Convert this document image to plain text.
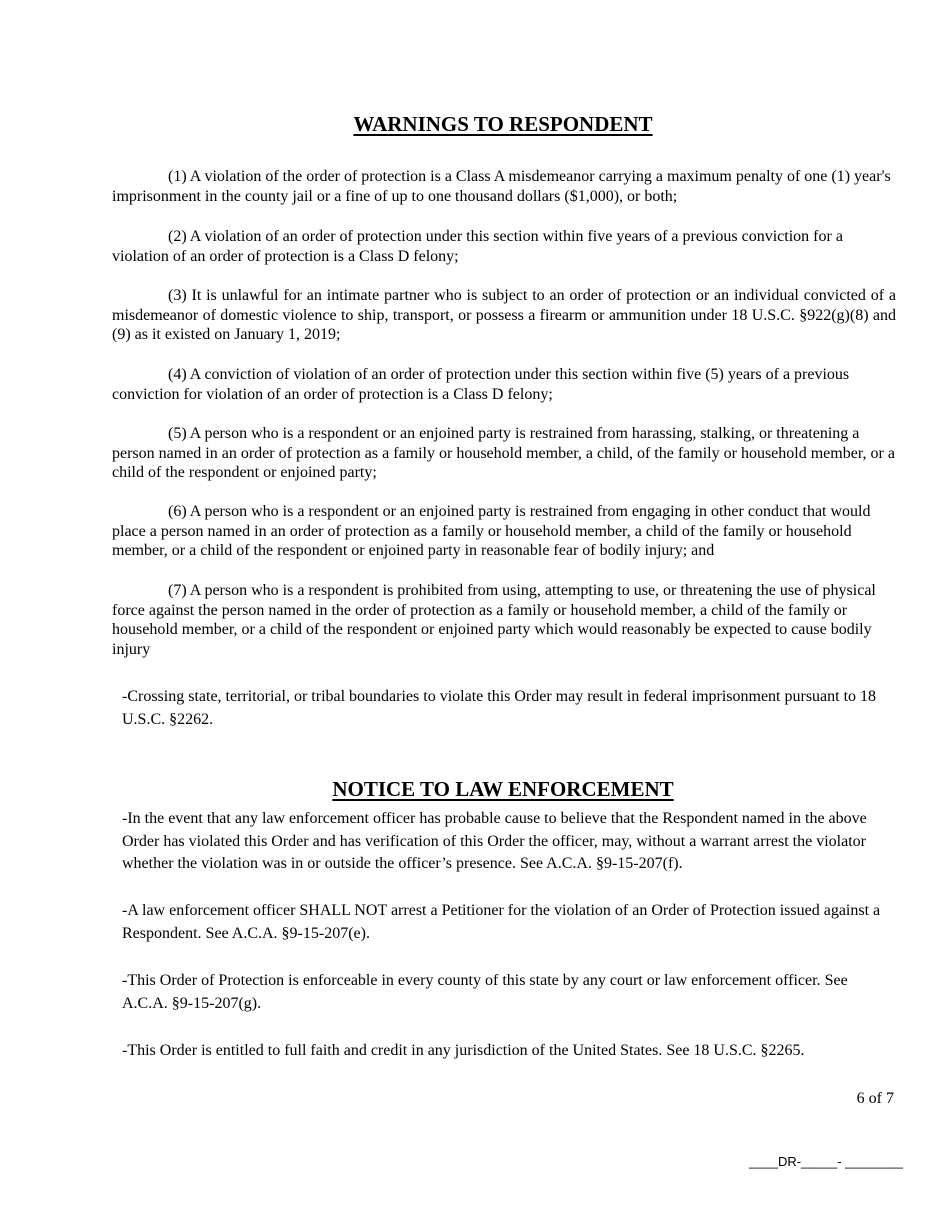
WARNINGS TO RESPONDENT

(1) A violation of the order of protection is a Class A misdemeanor carrying a maximum penalty of one (1) year's imprisonment in the county jail or a fine of up to one thousand dollars ($1,000), or both;

(2) A violation of an order of protection under this section within five years of a previous conviction for a violation of an order of protection is a Class D felony;

(3) It is unlawful for an intimate partner who is subject to an order of protection or an individual convicted of a misdemeanor of domestic violence to ship, transport, or possess a firearm or ammunition under 18 U.S.C. §922(g)(8) and (9) as it existed on January 1, 2019;

(4) A conviction of violation of an order of protection under this section within five (5) years of a previous conviction for violation of an order of protection is a Class D felony;

(5) A person who is a respondent or an enjoined party is restrained from harassing, stalking, or threatening a person named in an order of protection as a family or household member, a child, of the family or household member, or a child of the respondent or enjoined party;

(6) A person who is a respondent or an enjoined party is restrained from engaging in other conduct that would place a person named in an order of protection as a family or household member, a child of the family or household member, or a child of the respondent or enjoined party in reasonable fear of bodily injury; and

(7) A person who is a respondent is prohibited from using, attempting to use, or threatening the use of physical force against the person named in the order of protection as a family or household member, a child of the family or household member, or a child of the respondent or enjoined party which would reasonably be expected to cause bodily injury

-Crossing state, territorial, or tribal boundaries to violate this Order may result in federal imprisonment pursuant to 18 U.S.C. §2262.

NOTICE TO LAW ENFORCEMENT

-In the event that any law enforcement officer has probable cause to believe that the Respondent named in the above Order has violated this Order and has verification of this Order the officer, may, without a warrant arrest the violator whether the violation was in or outside the officer’s presence. See A.C.A. §9-15-207(f).

-A law enforcement officer SHALL NOT arrest a Petitioner for the violation of an Order of Protection issued against a Respondent. See A.C.A. §9-15-207(e).

-This Order of Protection is enforceable in every county of this state by any court or law enforcement officer. See A.C.A. §9-15-207(g).

-This Order is entitled to full faith and credit in any jurisdiction of the United States. See 18 U.S.C. §2265.

6 of 7

____DR-_____- ________
